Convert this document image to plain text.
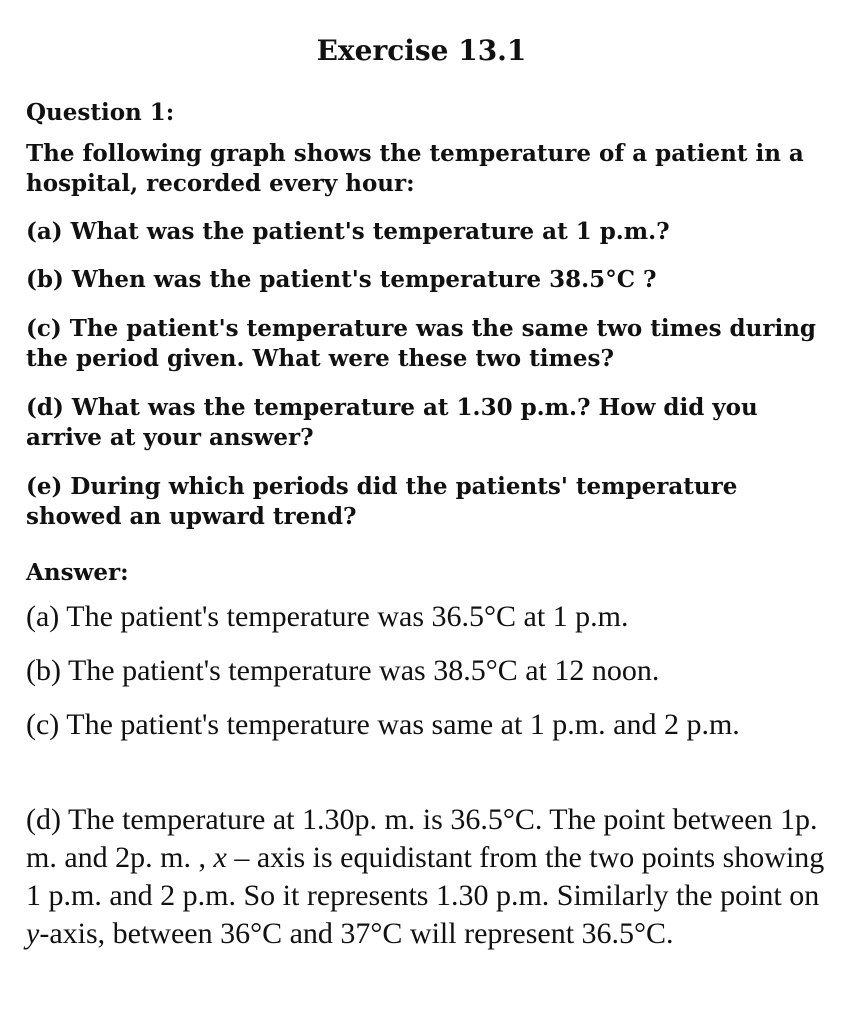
Exercise 13.1
Question 1:
The following graph shows the temperature of a patient in a hospital, recorded every hour:
(a) What was the patient's temperature at 1 p.m.?
(b) When was the patient's temperature 38.5°C ?
(c) The patient's temperature was the same two times during the period given. What were these two times?
(d) What was the temperature at 1.30 p.m.? How did you arrive at your answer?
(e) During which periods did the patients' temperature showed an upward trend?
Answer:
(a) The patient's temperature was 36.5°C at 1 p.m.
(b) The patient's temperature was 38.5°C at 12 noon.
(c) The patient's temperature was same at 1 p.m. and 2 p.m.
(d) The temperature at 1.30p. m. is 36.5°C. The point between 1p. m. and 2p. m. , x – axis is equidistant from the two points showing 1 p.m. and 2 p.m. So it represents 1.30 p.m. Similarly the point on y-axis, between 36°C and 37°C will represent 36.5°C.
